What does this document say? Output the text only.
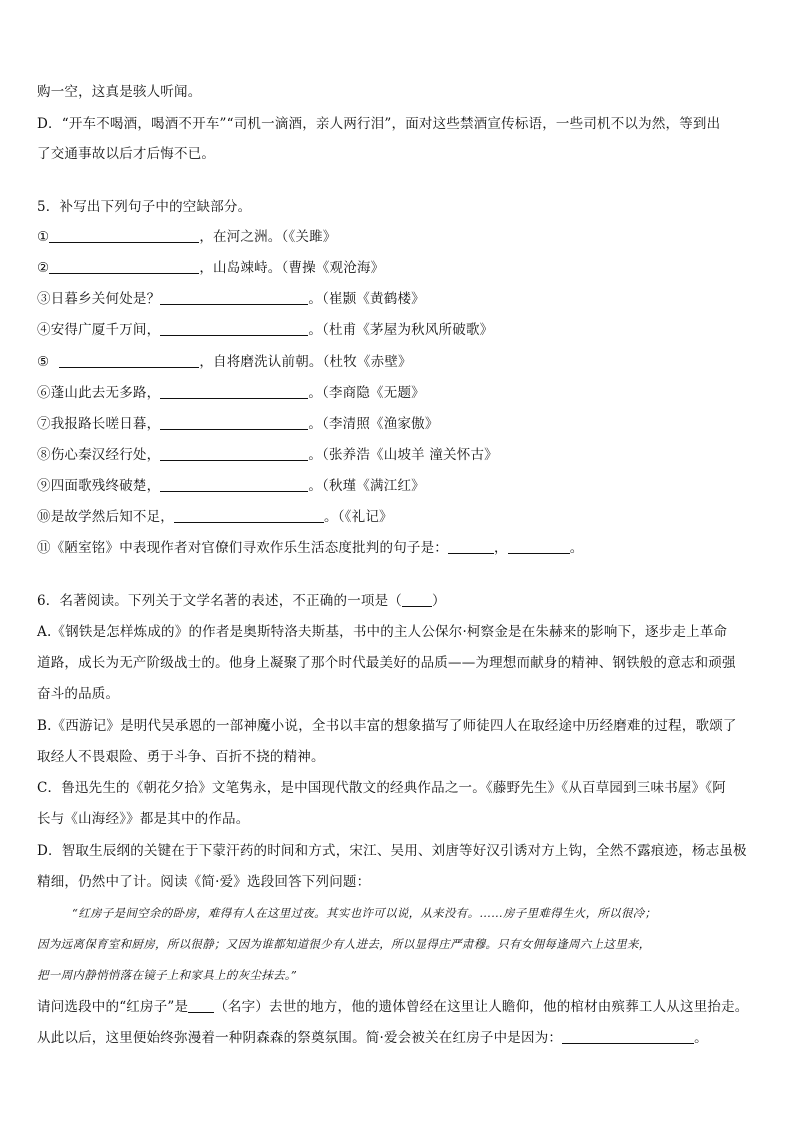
购一空，这真是骇人听闻。
D．“开车不喝酒，喝酒不开车”“司机一滴酒，亲人两行泪”，面对这些禁酒宣传标语，一些司机不以为然，等到出
了交通事故以后才后悔不已。
5．补写出下列句子中的空缺部分。
①	，在河之洲。（《关雎》
②	，山岛竦峙。（曹操《观沧海》
③日暮乡关何处是？	。（崔颢《黄鹤楼》
④安得广厦千万间，	。（杜甫《茅屋为秋风所破歌》
⑤	，自将磨洗认前朝。（杜牧《赤壁》
⑥蓬山此去无多路，	。（李商隐《无题》
⑦我报路长嗟日暮，	。（李清照《渔家傲》
⑧伤心秦汉经行处，	。（张养浩《山坡羊 潼关怀古》
⑨四面歌残终破楚，	。（秋瑾《满江红》
⑩是故学然后知不足，	。（《礼记》
⑪《陋室铭》中表现作者对官僚们寻欢作乐生活态度批判的句子是：	，	。
6．名著阅读。下列关于文学名著的表述，不正确的一项是（ ）
A.《钢铁是怎样炼成的》的作者是奥斯特洛夫斯基，书中的主人公保尔·柯察金是在朱赫来的影响下，逐步走上革命
道路，成长为无产阶级战士的。他身上凝聚了那个时代最美好的品质——为理想而献身的精神、钢铁般的意志和顽强
奋斗的品质。
B.《西游记》是明代吴承恩的一部神魔小说，全书以丰富的想象描写了师徒四人在取经途中历经磨难的过程，歌颂了
取经人不畏艰险、勇于斗争、百折不挠的精神。
C．鲁迅先生的《朝花夕拾》文笔隽永，是中国现代散文的经典作品之一。《藤野先生》《从百草园到三味书屋》《阿
长与《山海经》》都是其中的作品。
D．智取生辰纲的关键在于下蒙汗药的时间和方式，宋江、吴用、刘唐等好汉引诱对方上钩，全然不露痕迹，杨志虽极
精细，仍然中了计。阅读《简·爱》选段回答下列问题：
“红房子是间空余的卧房，难得有人在这里过夜。其实也许可以说，从来没有。……房子里难得生火，所以很冷；
因为远离保育室和厨房，所以很静；又因为谁都知道很少有人进去，所以显得庄严肃穆。只有女佣每逢周六上这里来，
把一周内静悄悄落在镜子上和家具上的灰尘抹去。”
请问选段中的“红房子”是 （名字）去世的地方，他的遗体曾经在这里让人瞻仰，他的棺材由殡葬工人从这里抬走。
从此以后，这里便始终弥漫着一种阴森森的祭奠氛围。简·爱会被关在红房子中是因为：	。
